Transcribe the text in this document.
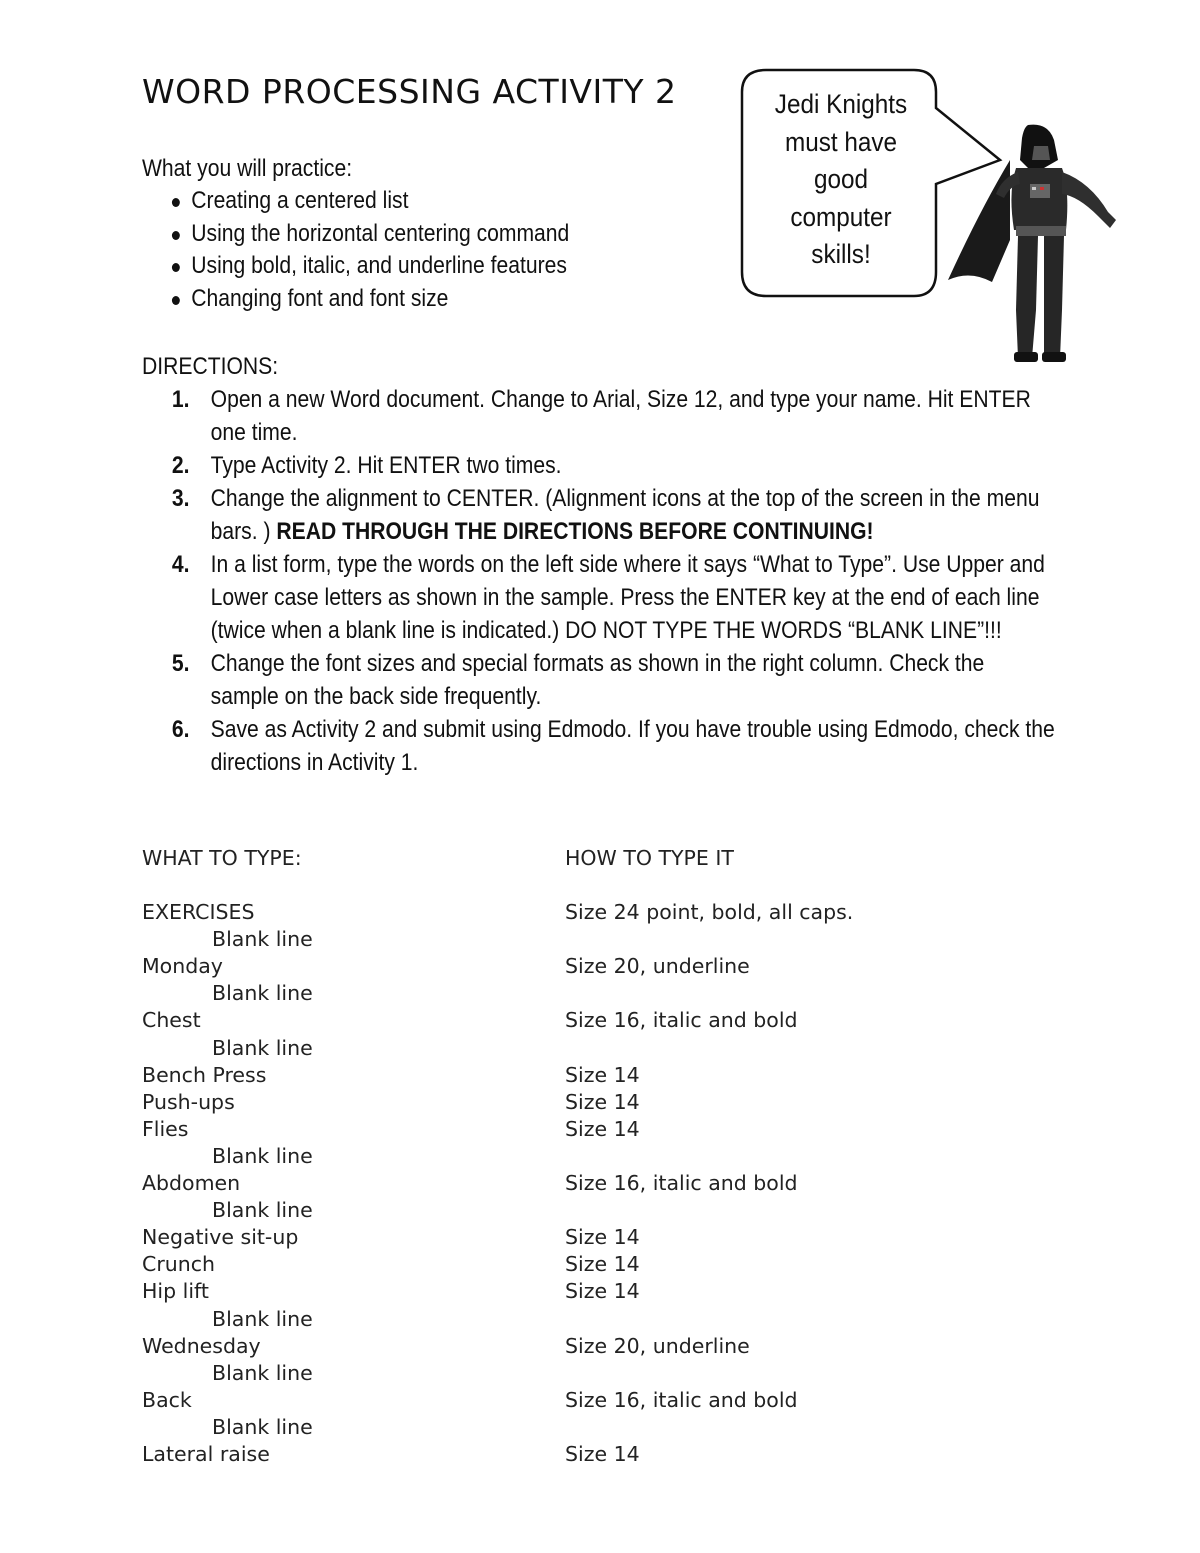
WORD PROCESSING ACTIVITY 2
What you will practice:
Creating a centered list
Using the horizontal centering command
Using bold, italic, and underline features
Changing font and font size
Jedi Knights
must have
good
computer
skills!
DIRECTIONS:
1. Open a new Word document. Change to Arial, Size 12, and type your name. Hit ENTER one time.
2. Type Activity 2. Hit ENTER two times.
3. Change the alignment to CENTER. (Alignment icons at the top of the screen in the menu bars. ) READ THROUGH THE DIRECTIONS BEFORE CONTINUING!
4. In a list form, type the words on the left side where it says “What to Type”. Use Upper and Lower case letters as shown in the sample. Press the ENTER key at the end of each line (twice when a blank line is indicated.) DO NOT TYPE THE WORDS “BLANK LINE”!!!
5. Change the font sizes and special formats as shown in the right column. Check the sample on the back side frequently.
6. Save as Activity 2 and submit using Edmodo. If you have trouble using Edmodo, check the directions in Activity 1.
WHAT TO TYPE:	HOW TO TYPE IT
EXERCISES	Size 24 point, bold, all caps.
Blank line
Monday	Size 20, underline
Blank line
Chest	Size 16, italic and bold
Blank line
Bench Press	Size 14
Push-ups	Size 14
Flies	Size 14
Blank line
Abdomen	Size 16, italic and bold
Blank line
Negative sit-up	Size 14
Crunch	Size 14
Hip lift	Size 14
Blank line
Wednesday	Size 20, underline
Blank line
Back	Size 16, italic and bold
Blank line
Lateral raise	Size 14
